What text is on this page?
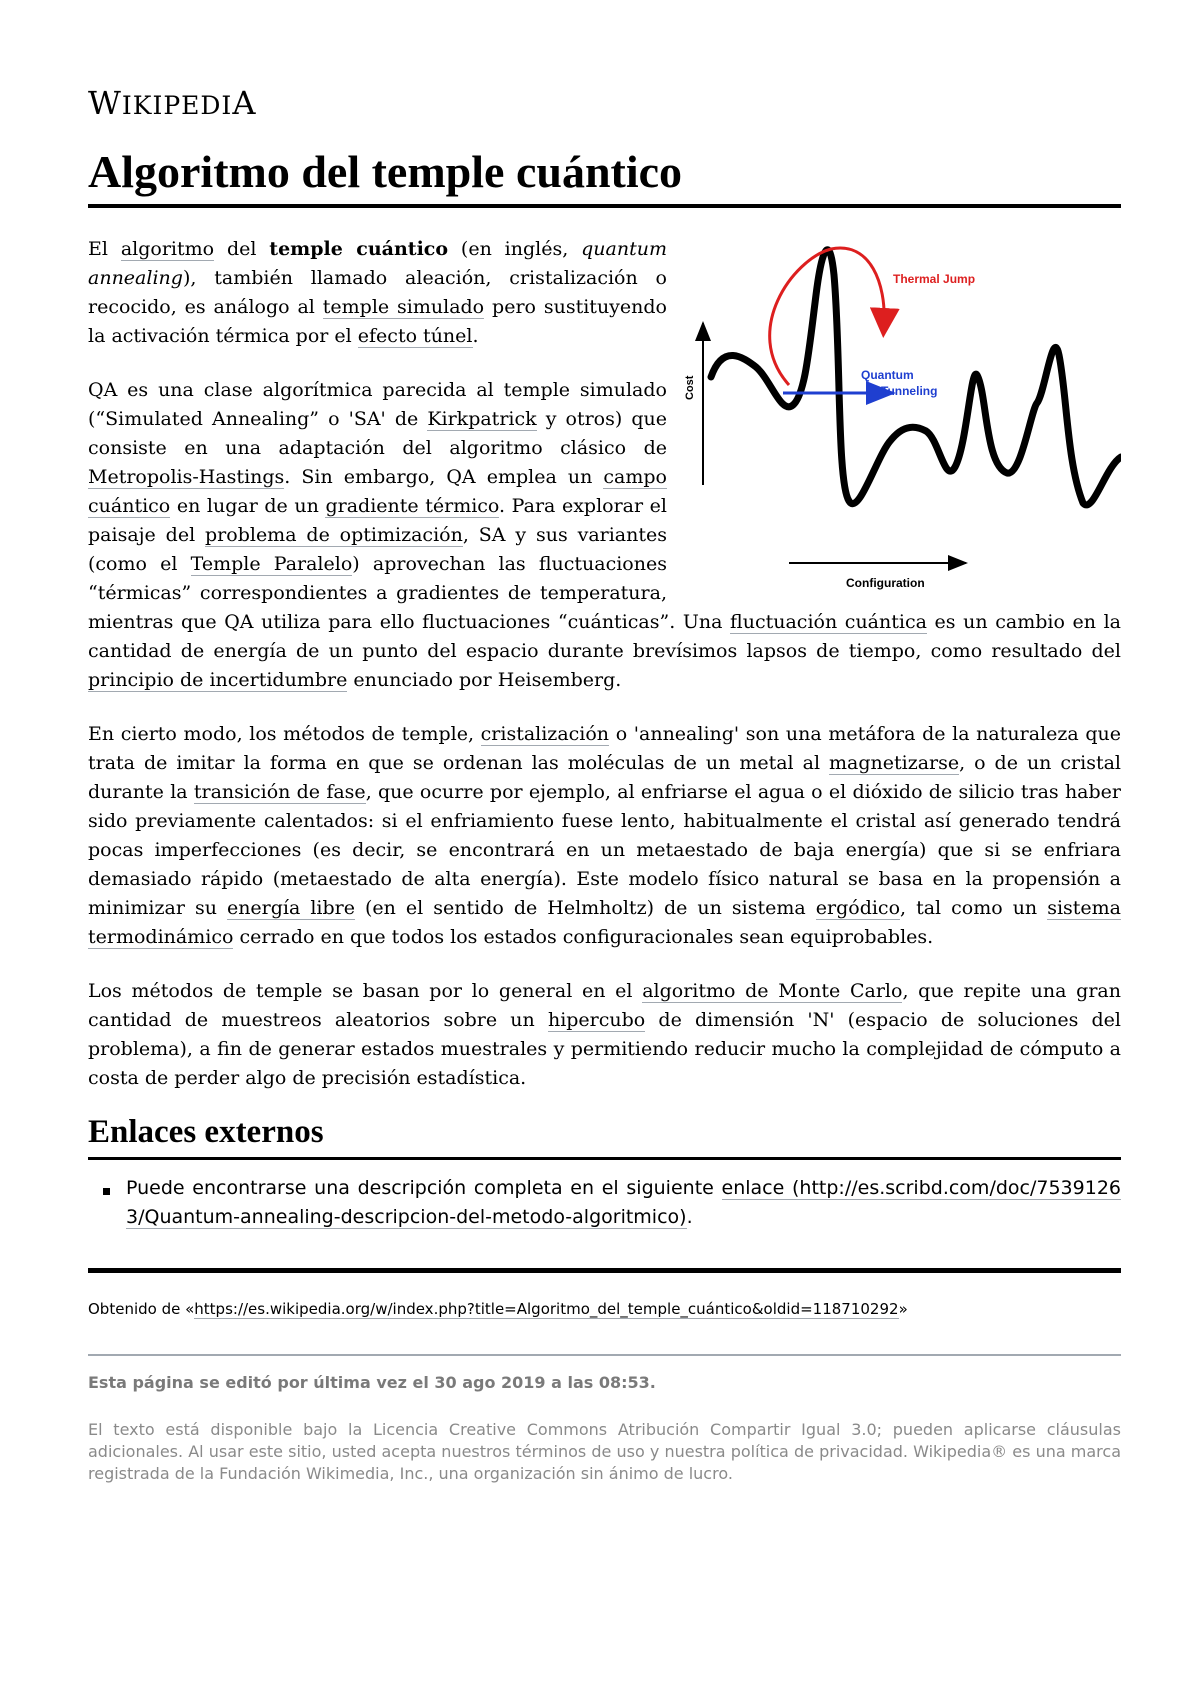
WIKIPEDIA
Algoritmo del temple cuántico
Thermal Jump
Quantum
Tunneling
Cost
Configuration

El algoritmo del temple cuántico (en inglés, quantum annealing), también llamado aleación, cristalización o recocido, es análogo al temple simulado pero sustituyendo la activación térmica por el efecto túnel.

QA es una clase algorítmica parecida al temple simulado (“Simulated Annealing” o 'SA' de Kirkpatrick y otros) que consiste en una adaptación del algoritmo clásico de Metropolis-Hastings. Sin embargo, QA emplea un campo cuántico en lugar de un gradiente térmico. Para explorar el paisaje del problema de optimización, SA y sus variantes (como el Temple Paralelo) aprovechan las fluctuaciones “térmicas” correspondientes a gradientes de temperatura, mientras que QA utiliza para ello fluctuaciones “cuánticas”. Una fluctuación cuántica es un cambio en la cantidad de energía de un punto del espacio durante brevísimos lapsos de tiempo, como resultado del principio de incertidumbre enunciado por Heisemberg.

En cierto modo, los métodos de temple, cristalización o 'annealing' son una metáfora de la naturaleza que trata de imitar la forma en que se ordenan las moléculas de un metal al magnetizarse, o de un cristal durante la transición de fase, que ocurre por ejemplo, al enfriarse el agua o el dióxido de silicio tras haber sido previamente calentados: si el enfriamiento fuese lento, habitualmente el cristal así generado tendrá pocas imperfecciones (es decir, se encontrará en un metaestado de baja energía) que si se enfriara demasiado rápido (metaestado de alta energía). Este modelo físico natural se basa en la propensión a minimizar su energía libre (en el sentido de Helmholtz) de un sistema ergódico, tal como un sistema termodinámico cerrado en que todos los estados configuracionales sean equiprobables.

Los métodos de temple se basan por lo general en el algoritmo de Monte Carlo, que repite una gran cantidad de muestreos aleatorios sobre un hipercubo de dimensión 'N' (espacio de soluciones del problema), a fin de generar estados muestrales y permitiendo reducir mucho la complejidad de cómputo a costa de perder algo de precisión estadística.

Enlaces externos
Puede encontrarse una descripción completa en el siguiente enlace (http://es.scribd.com/doc/75391263/Quantum-annealing-descripcion-del-metodo-algoritmico).
Obtenido de «https://es.wikipedia.org/w/index.php?title=Algoritmo_del_temple_cuántico&oldid=118710292»
Esta página se editó por última vez el 30 ago 2019 a las 08:53.
El texto está disponible bajo la Licencia Creative Commons Atribución Compartir Igual 3.0; pueden aplicarse cláusulas adicionales. Al usar este sitio, usted acepta nuestros términos de uso y nuestra política de privacidad. Wikipedia® es una marca registrada de la Fundación Wikimedia, Inc., una organización sin ánimo de lucro.
